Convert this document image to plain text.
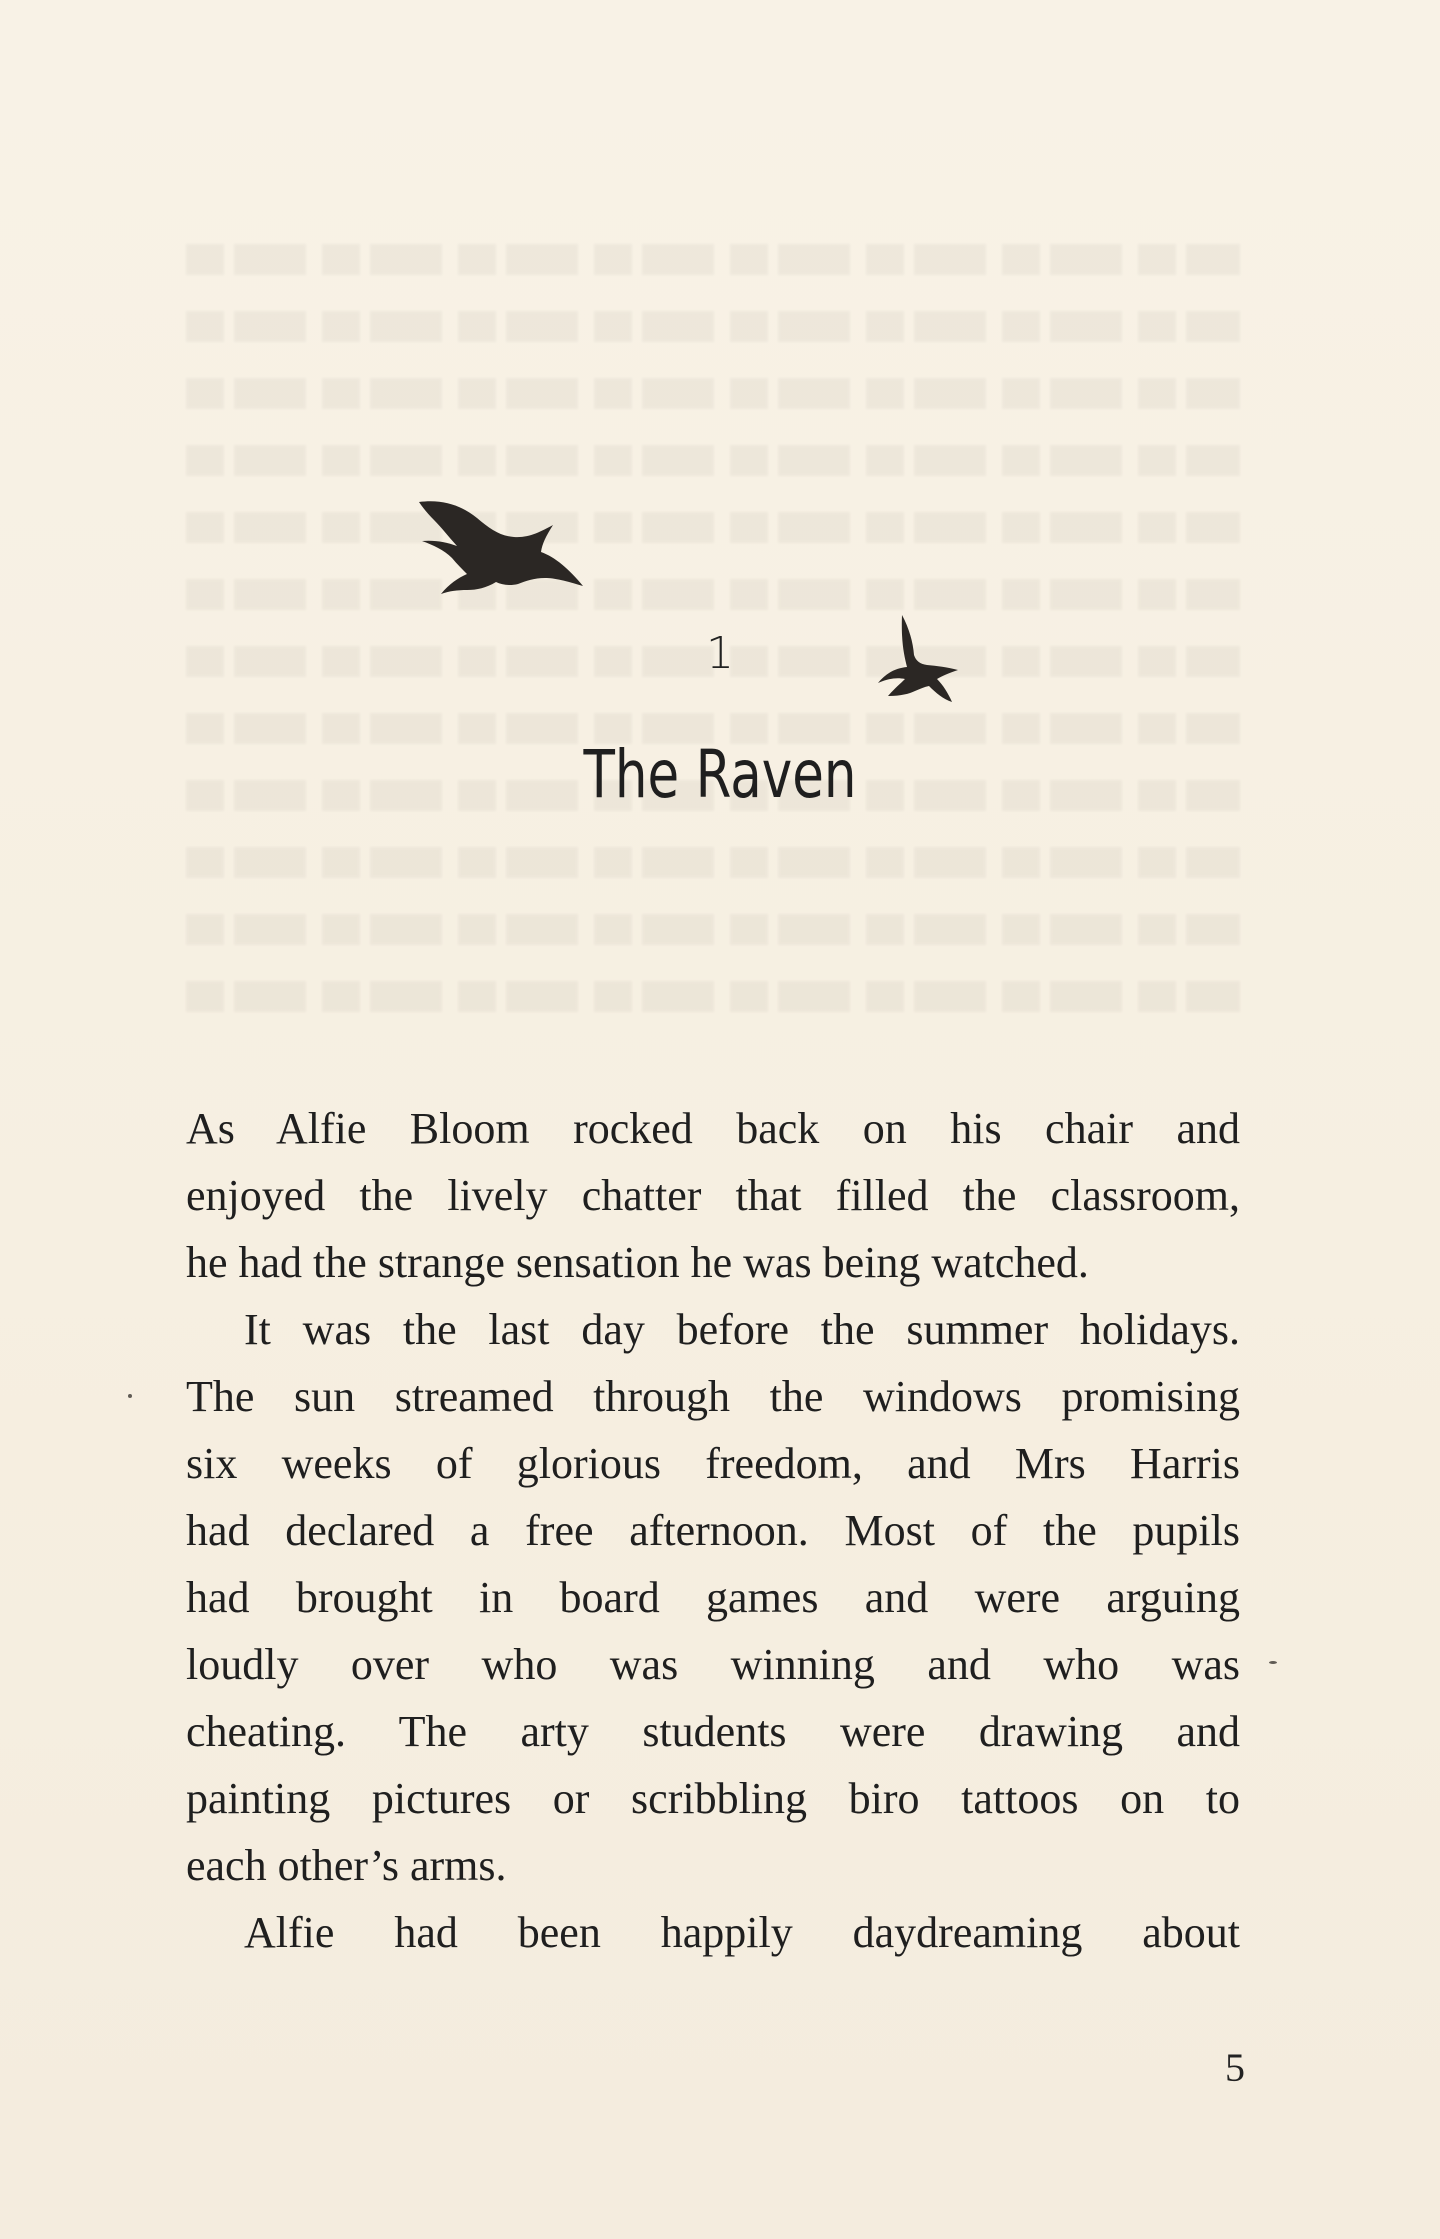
1
The Raven

As Alfie Bloom rocked back on his chair and

enjoyed the lively chatter that filled the classroom,

he had the strange sensation he was being watched.

It was the last day before the summer holidays.

The sun streamed through the windows promising

six weeks of glorious freedom, and Mrs Harris

had declared a free afternoon. Most of the pupils

had brought in board games and were arguing

loudly over who was winning and who was

cheating. The arty students were drawing and

painting pictures or scribbling biro tattoos on to

each other’s arms.

Alfie had been happily daydreaming about

5
